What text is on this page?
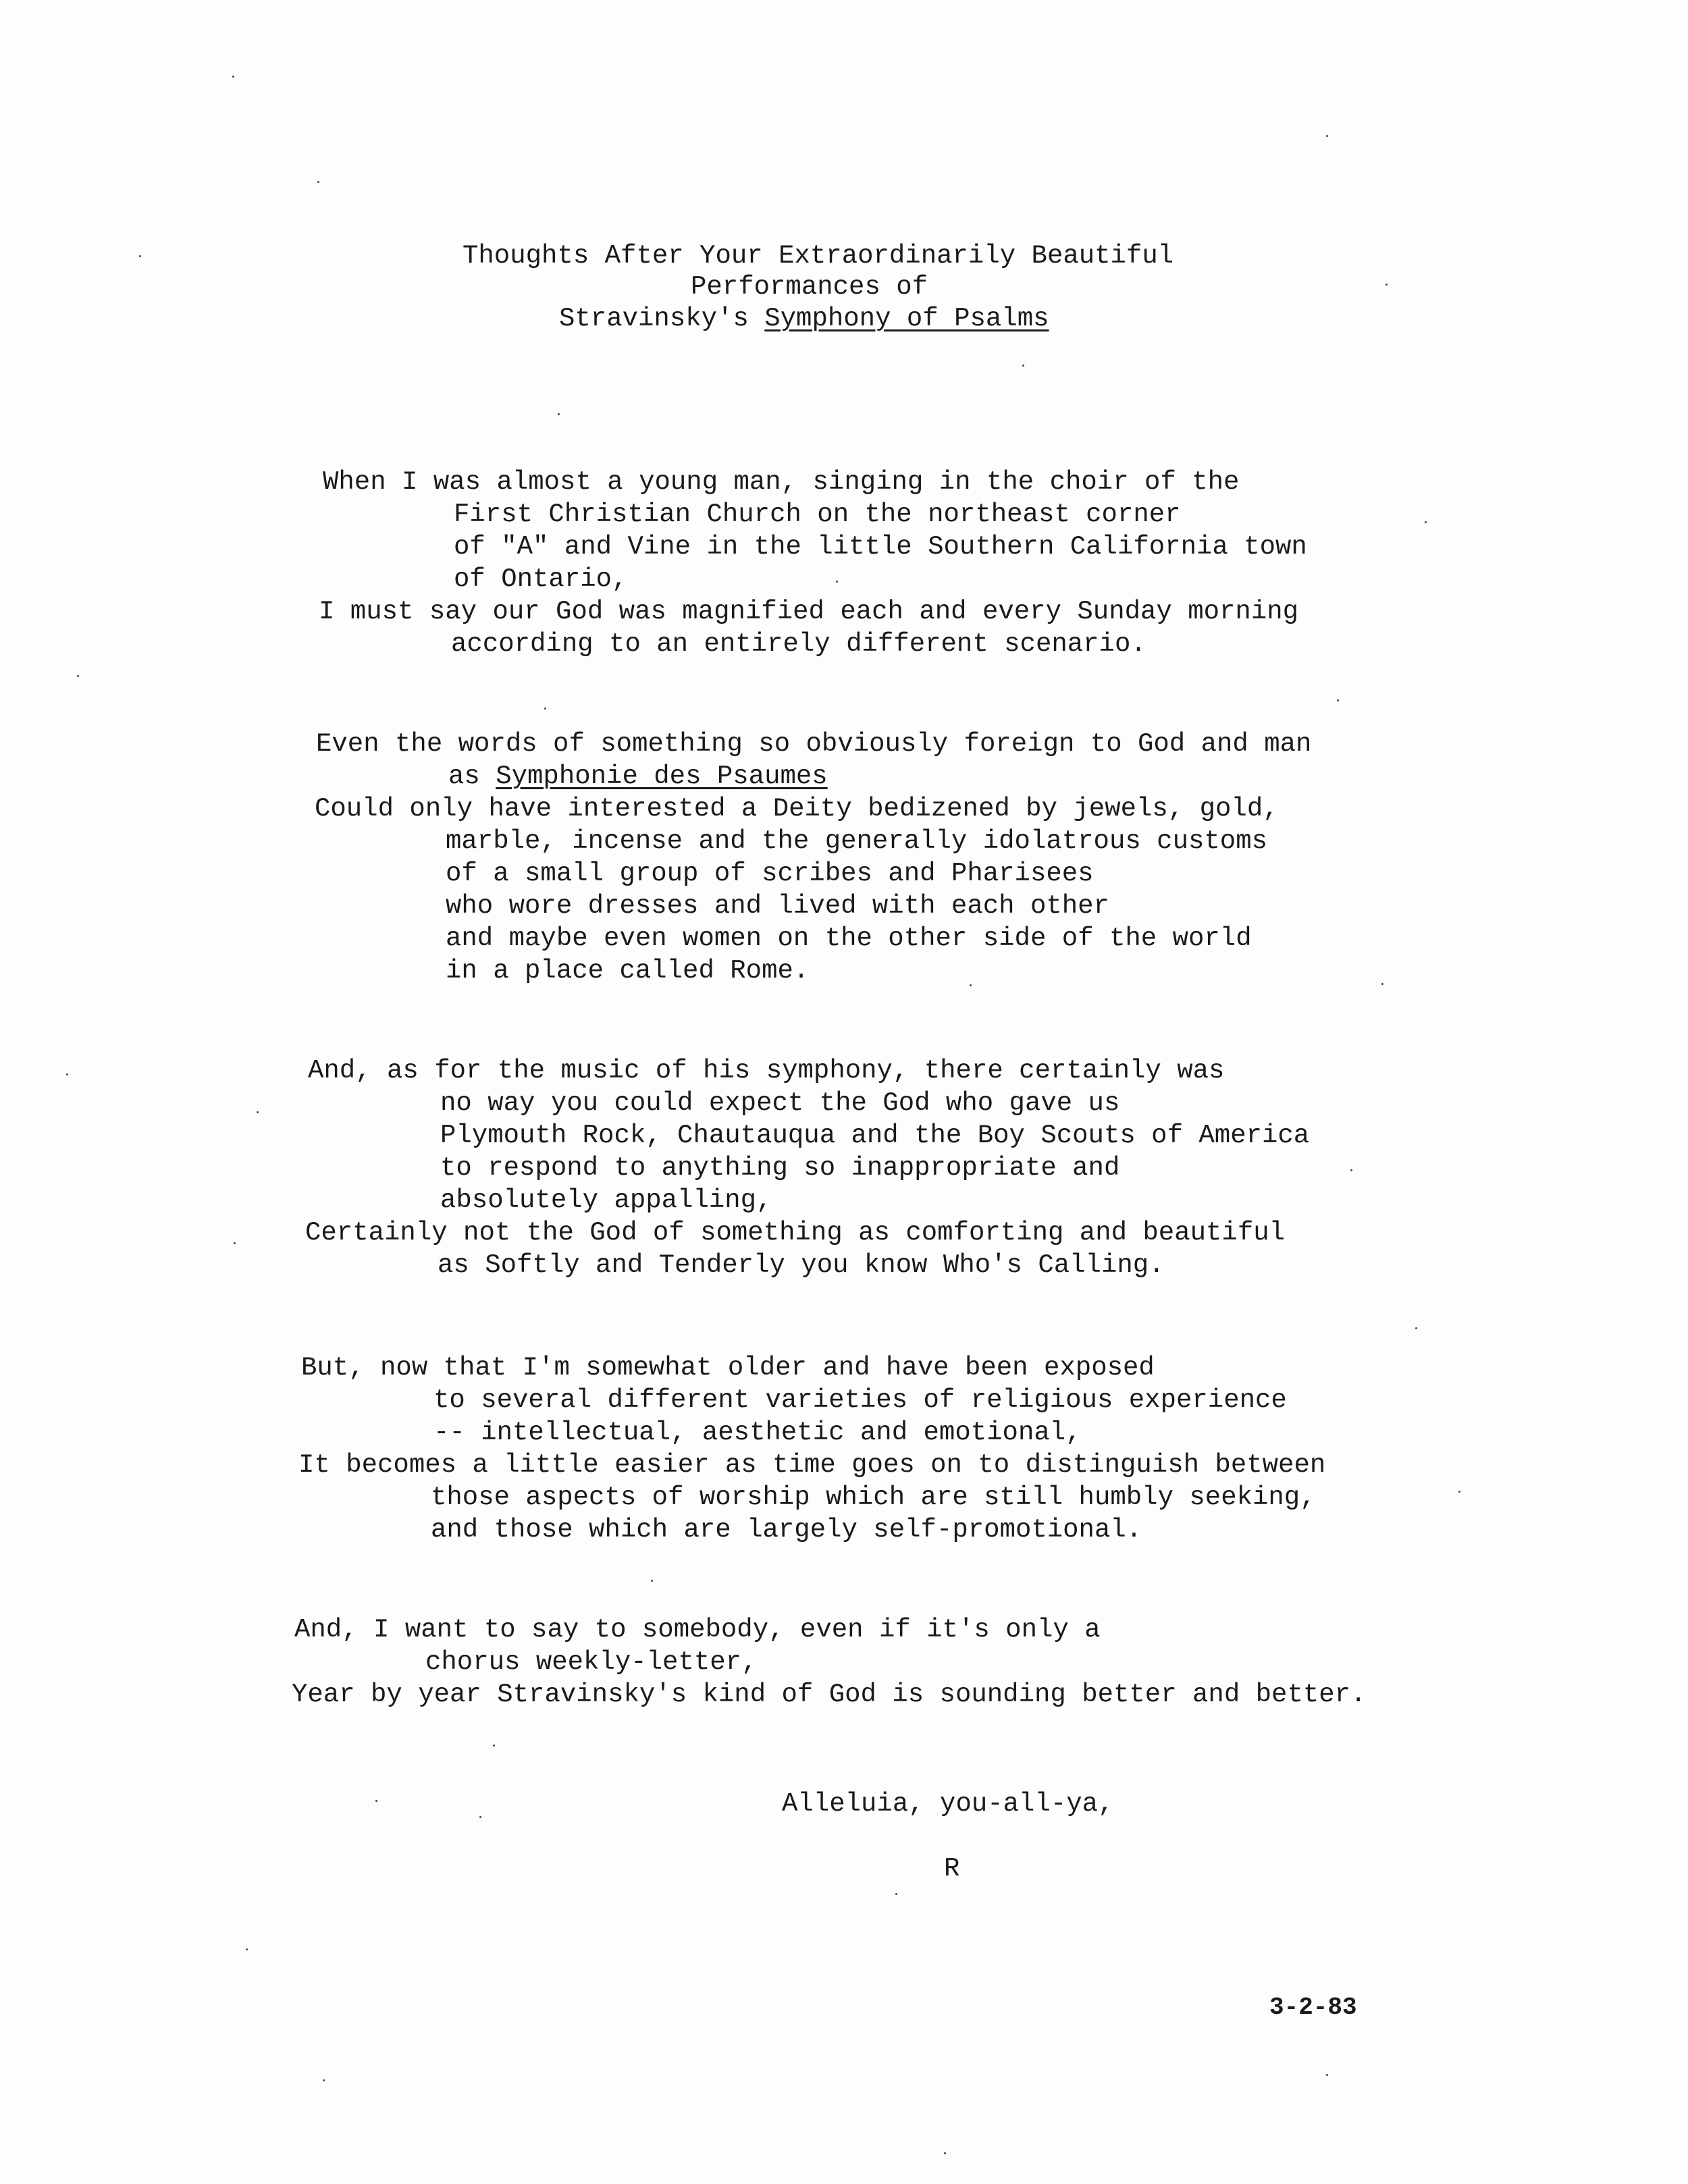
Thoughts After Your Extraordinarily Beautiful
Performances of
Stravinsky's Symphony of Psalms
When I was almost a young man, singing in the choir of the
First Christian Church on the northeast corner
of "A" and Vine in the little Southern California town
of Ontario,
I must say our God was magnified each and every Sunday morning
according to an entirely different scenario.
Even the words of something so obviously foreign to God and man
as Symphonie des Psaumes
Could only have interested a Deity bedizened by jewels, gold,
marble, incense and the generally idolatrous customs
of a small group of scribes and Pharisees
who wore dresses and lived with each other
and maybe even women on the other side of the world
in a place called Rome.
And, as for the music of his symphony, there certainly was
no way you could expect the God who gave us
Plymouth Rock, Chautauqua and the Boy Scouts of America
to respond to anything so inappropriate and
absolutely appalling,
Certainly not the God of something as comforting and beautiful
as Softly and Tenderly you know Who's Calling.
But, now that I'm somewhat older and have been exposed
to several different varieties of religious experience
-- intellectual, aesthetic and emotional,
It becomes a little easier as time goes on to distinguish between
those aspects of worship which are still humbly seeking,
and those which are largely self-promotional.
And, I want to say to somebody, even if it's only a
chorus weekly-letter,
Year by year Stravinsky's kind of God is sounding better and better.
Alleluia, you-all-ya,
R
3-2-83
